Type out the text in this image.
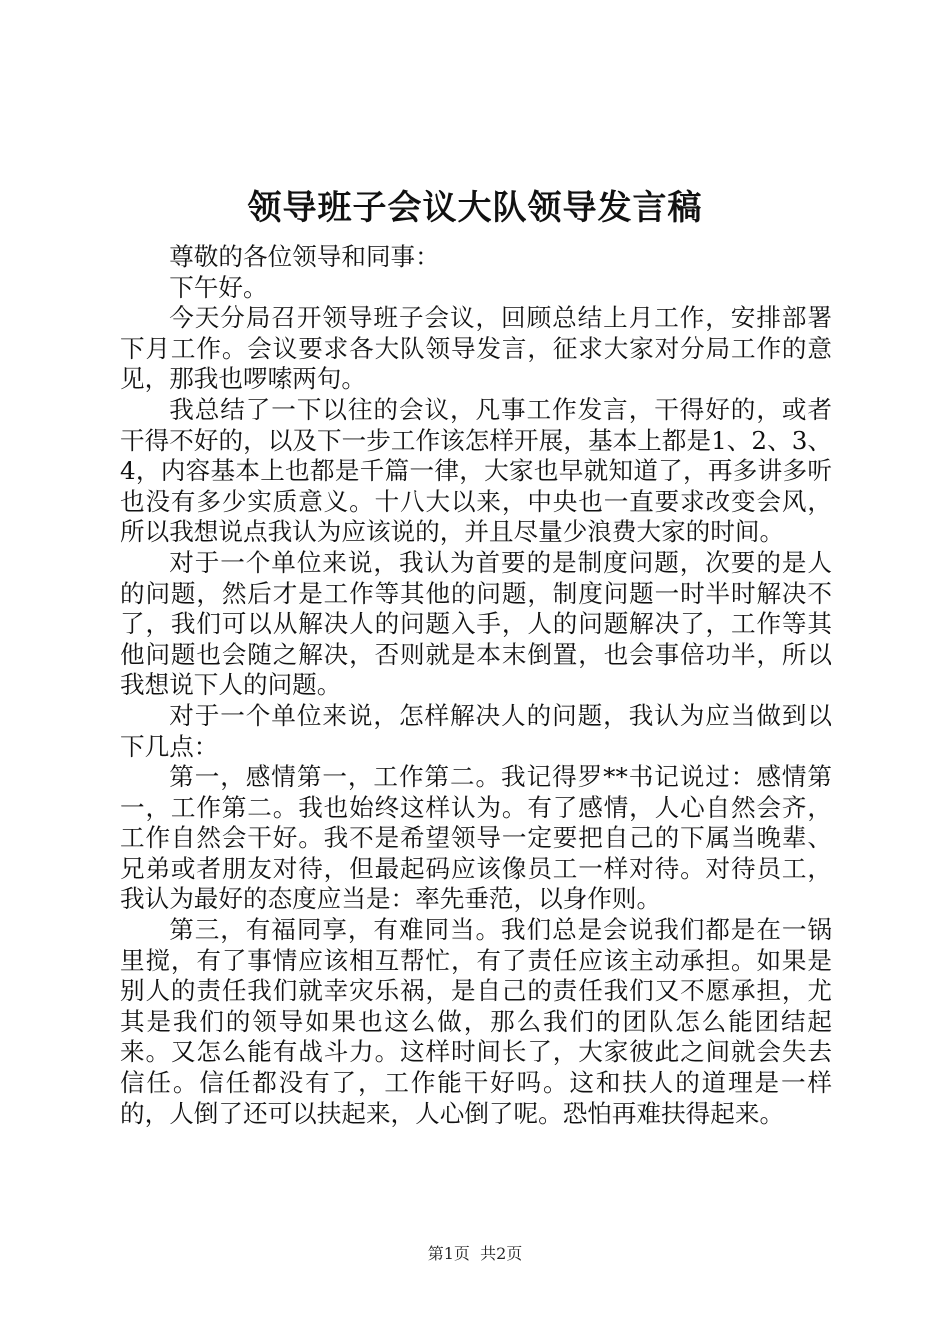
领导班子会议大队领导发言稿

尊敬的各位领导和同事：

下午好。

今天分局召开领导班子会议，回顾总结上月工作，安排部署下月工作。会议要求各大队领导发言，征求大家对分局工作的意见，那我也啰嗦两句。

我总结了一下以往的会议，凡事工作发言，干得好的，或者干得不好的，以及下一步工作该怎样开展，基本上都是1、2、3、4，内容基本上也都是千篇一律，大家也早就知道了，再多讲多听也没有多少实质意义。十八大以来，中央也一直要求改变会风，所以我想说点我认为应该说的，并且尽量少浪费大家的时间。

对于一个单位来说，我认为首要的是制度问题，次要的是人的问题，然后才是工作等其他的问题，制度问题一时半时解决不了，我们可以从解决人的问题入手，人的问题解决了，工作等其他问题也会随之解决，否则就是本末倒置，也会事倍功半，所以我想说下人的问题。

对于一个单位来说，怎样解决人的问题，我认为应当做到以下几点：

第一，感情第一，工作第二。我记得罗**书记说过：感情第一，工作第二。我也始终这样认为。有了感情，人心自然会齐，工作自然会干好。我不是希望领导一定要把自己的下属当晚辈、兄弟或者朋友对待，但最起码应该像员工一样对待。对待员工，我认为最好的态度应当是：率先垂范，以身作则。

第三，有福同享，有难同当。我们总是会说我们都是在一锅里搅，有了事情应该相互帮忙，有了责任应该主动承担。如果是别人的责任我们就幸灾乐祸，是自己的责任我们又不愿承担，尤其是我们的领导如果也这么做，那么我们的团队怎么能团结起来。又怎么能有战斗力。这样时间长了，大家彼此之间就会失去信任。信任都没有了，工作能干好吗。这和扶人的道理是一样的，人倒了还可以扶起来，人心倒了呢。恐怕再难扶得起来。

第1页 共2页
